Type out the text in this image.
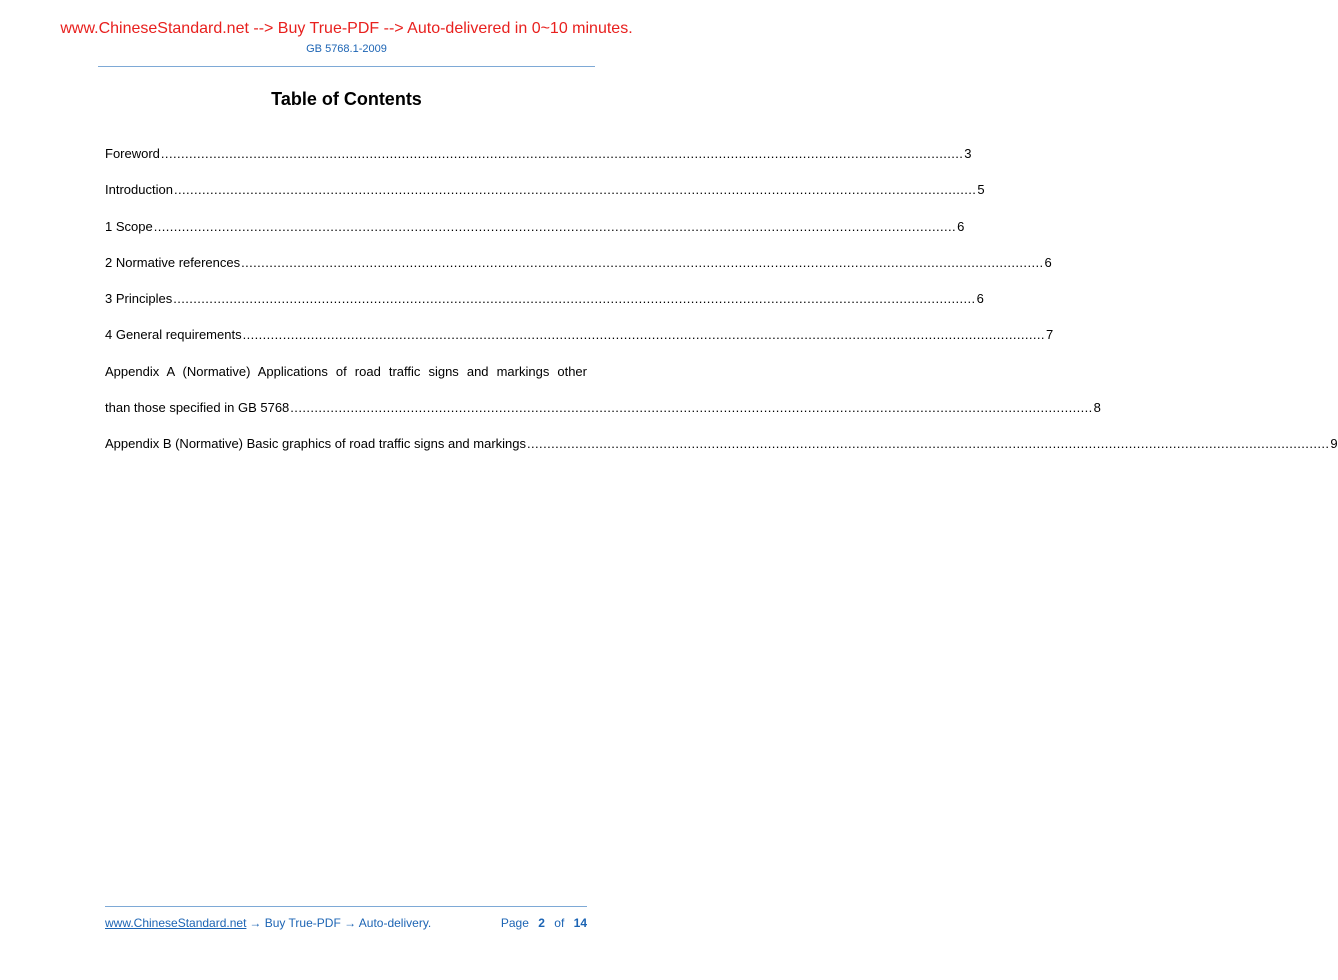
www.ChineseStandard.net --> Buy True-PDF --> Auto-delivered in 0~10 minutes.
GB 5768.1-2009
Table of Contents
Foreword ........................................................................................................................................................................................................ 3
Introduction ........................................................................................................................................................................................................ 5
1 Scope ........................................................................................................................................................................................................ 6
2 Normative references ........................................................................................................................................................................................................ 6
3 Principles ........................................................................................................................................................................................................ 6
4 General requirements ........................................................................................................................................................................................................ 7
Appendix A (Normative) Applications of road traffic signs and markings other
than those specified in GB 5768 ........................................................................................................................................................................................................ 8
Appendix B (Normative) Basic graphics of road traffic signs and markings ........................................................................................................................................................................................................ 9
www.ChineseStandard.net → Buy True-PDF → Auto-delivery.	Page 2 of 14
